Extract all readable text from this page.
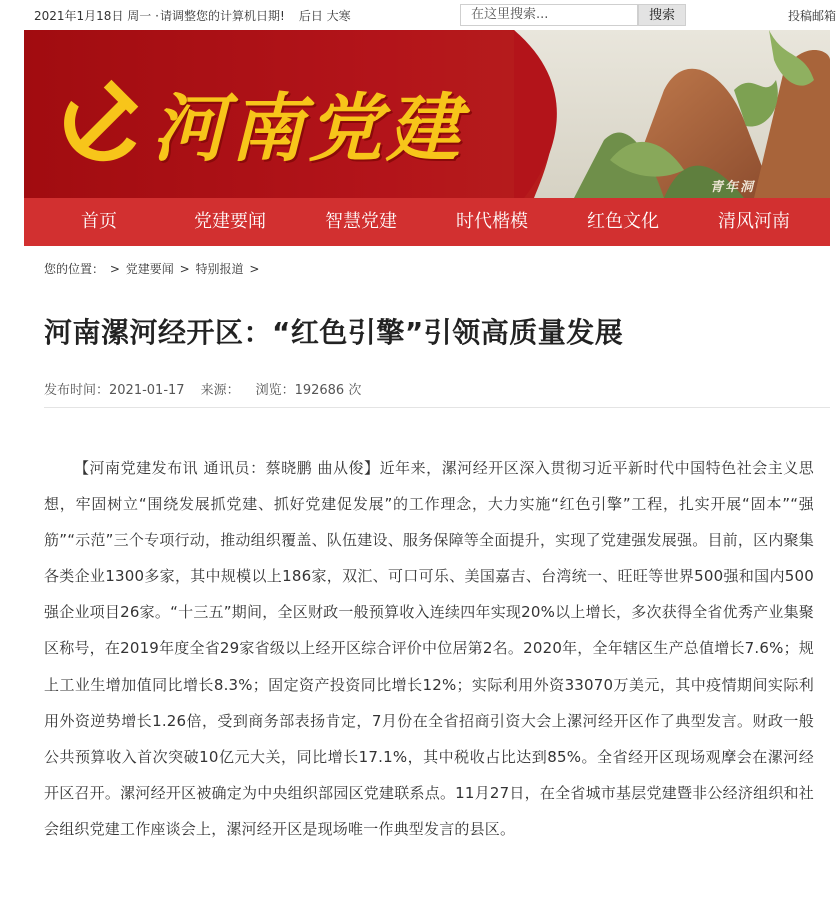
2021年1月18日 周一 · 请调整您的计算机日期! 后日 大寒	在这里搜索...	搜索	投稿邮箱
河南党建
青年洞
首页	党建要闻	智慧党建	时代楷模	红色文化	清风河南
您的位置： > 党建要闻 > 特别报道 >
河南漯河经开区：“红色引擎”引领高质量发展
发布时间：2021-01-17 来源： 浏览：192686 次

【河南党建发布讯 通讯员：蔡晓鹏 曲从俊】近年来，漯河经开区深入贯彻习近平新时代中国特色社会主义思想，牢固树立“围绕发展抓党建、抓好党建促发展”的工作理念，大力实施“红色引擎”工程，扎实开展“固本”“强筋”“示范”三个专项行动，推动组织覆盖、队伍建设、服务保障等全面提升，实现了党建强发展强。目前，区内聚集各类企业1300多家，其中规模以上186家，双汇、可口可乐、美国嘉吉、台湾统一、旺旺等世界500强和国内500强企业项目26家。“十三五”期间，全区财政一般预算收入连续四年实现20%以上增长，多次获得全省优秀产业集聚区称号，在2019年度全省29家省级以上经开区综合评价中位居第2名。2020年，全年辖区生产总值增长7.6%；规上工业生增加值同比增长8.3%；固定资产投资同比增长12%；实际利用外资33070万美元，其中疫情期间实际利用外资逆势增长1.26倍，受到商务部表扬肯定，7月份在全省招商引资大会上漯河经开区作了典型发言。财政一般公共预算收入首次突破10亿元大关，同比增长17.1%，其中税收占比达到85%。全省经开区现场观摩会在漯河经开区召开。漯河经开区被确定为中央组织部园区党建联系点。11月27日，在全省城市基层党建暨非公经济组织和社会组织党建工作座谈会上，漯河经开区是现场唯一作典型发言的县区。
